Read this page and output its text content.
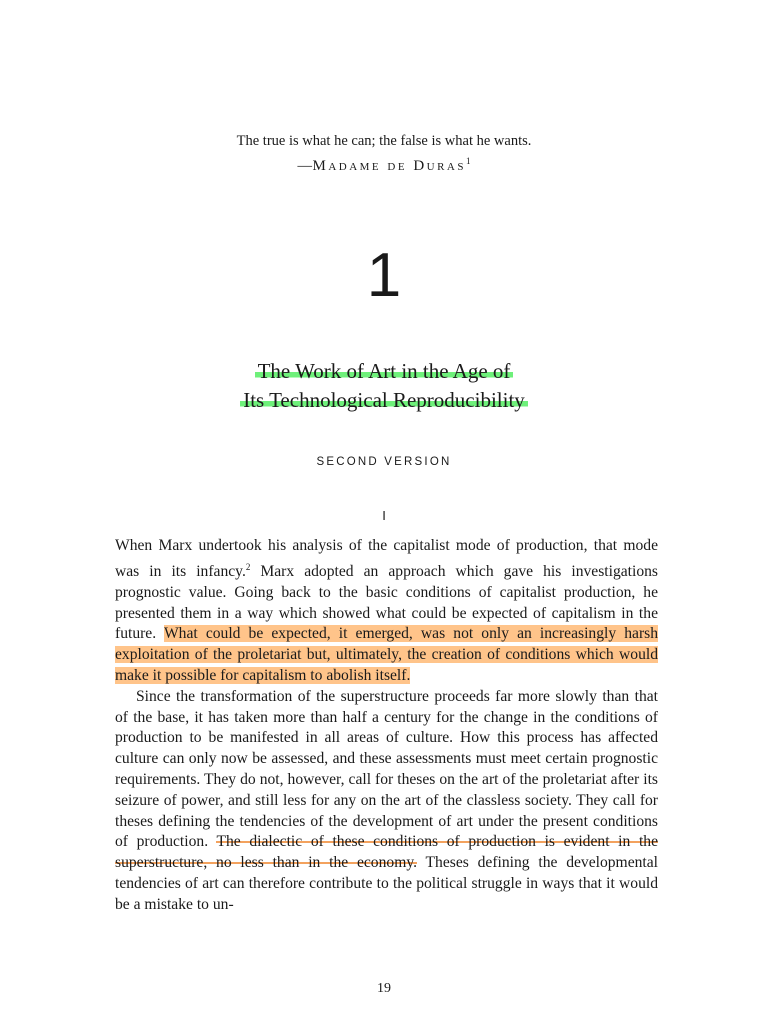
The true is what he can; the false is what he wants.
—Madame de Duras$^1$
1
The Work of Art in the Age of
Its Technological Reproducibility
SECOND VERSION
I

When Marx undertook his analysis of the capitalist mode of production, that mode was in its infancy.$^2$ Marx adopted an approach which gave his investigations prognostic value. Going back to the basic conditions of capitalist production, he presented them in a way which showed what could be expected of capitalism in the future. What could be expected, it emerged, was not only an increasingly harsh exploitation of the proletariat but, ultimately, the creation of conditions which would make it possible for capitalism to abolish itself.

Since the transformation of the superstructure proceeds far more slowly than that of the base, it has taken more than half a century for the change in the conditions of production to be manifested in all areas of culture. How this process has affected culture can only now be assessed, and these assessments must meet certain prognostic requirements. They do not, however, call for theses on the art of the proletariat after its seizure of power, and still less for any on the art of the classless society. They call for theses defining the tendencies of the development of art under the present conditions of production. The dialectic of these conditions of production is evident in the superstructure, no less than in the economy. Theses defining the developmental tendencies of art can therefore contribute to the political struggle in ways that it would be a mistake to un-

19
